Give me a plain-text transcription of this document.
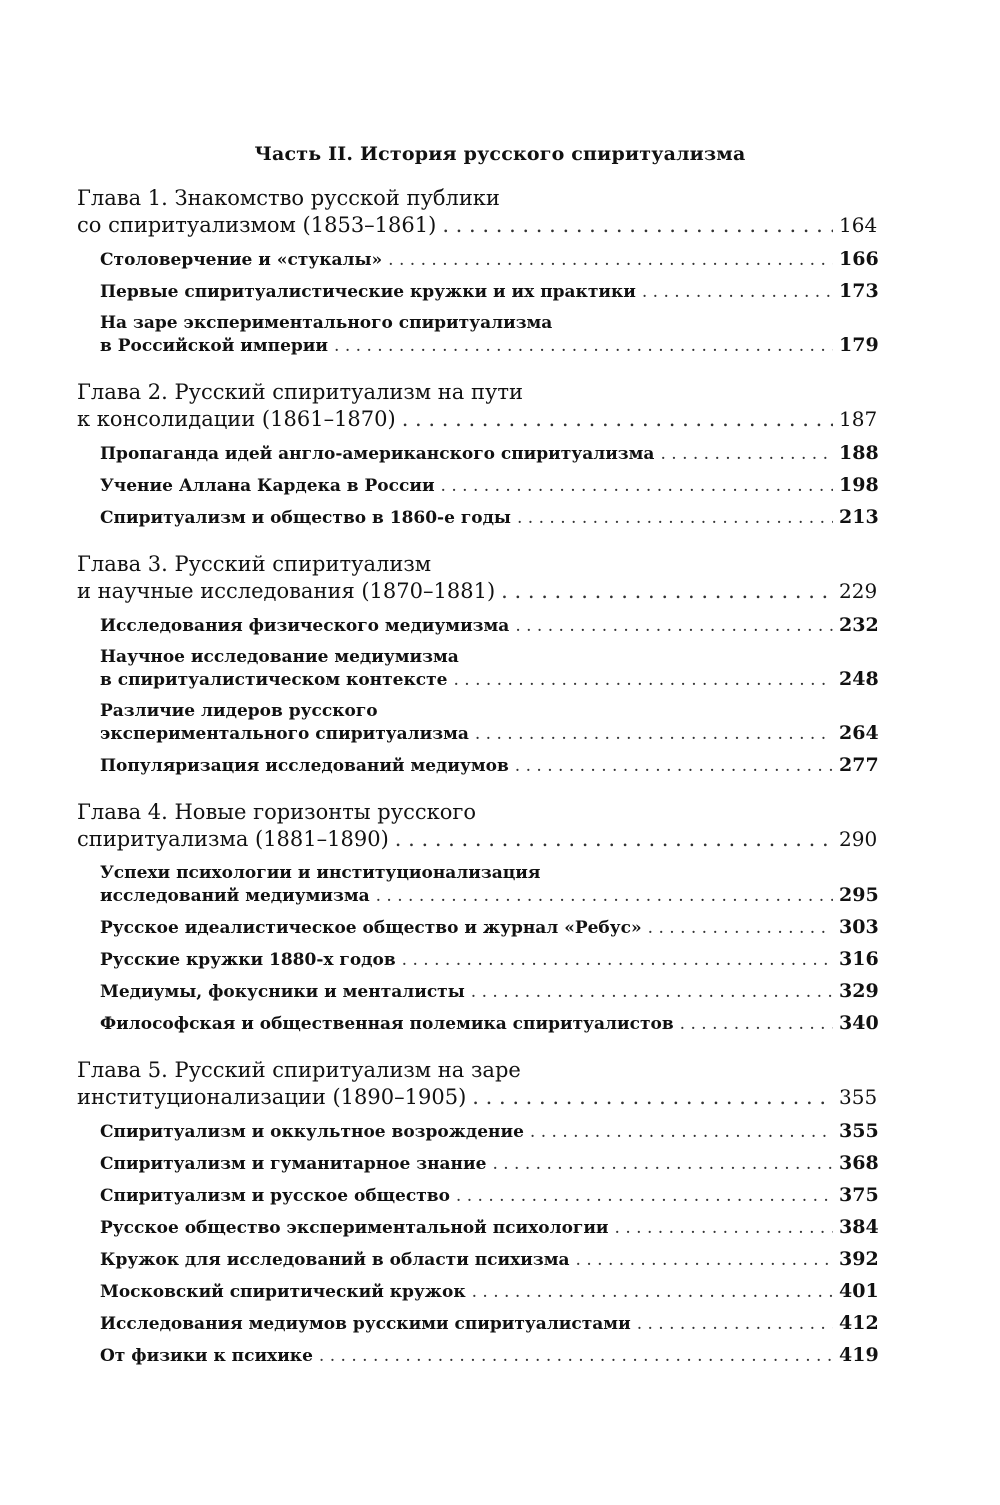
Часть II. История русского спиритуализма
Глава 1. Знакомство русской публики
со спиритуализмом (1853–1861) . . .	164
Столоверчение и «стукалы» . . .	166
Первые спиритуалистические кружки и их практики . . .	173
На заре экспериментального спиритуализма
в Российской империи . . .	179
Глава 2. Русский спиритуализм на пути
к консолидации (1861–1870) . . .	187
Пропаганда идей англо-американского спиритуализма . . .	188
Учение Аллана Кардека в России . . .	198
Спиритуализм и общество в 1860-е годы . . .	213
Глава 3. Русский спиритуализм
и научные исследования (1870–1881) . . .	229
Исследования физического медиумизма . . .	232
Научное исследование медиумизма
в спиритуалистическом контексте . . .	248
Различие лидеров русского
экспериментального спиритуализма . . .	264
Популяризация исследований медиумов . . .	277
Глава 4. Новые горизонты русского
спиритуализма (1881–1890) . . .	290
Успехи психологии и институционализация
исследований медиумизма . . .	295
Русское идеалистическое общество и журнал «Ребус» . . .	303
Русские кружки 1880-х годов . . .	316
Медиумы, фокусники и менталисты . . .	329
Философская и общественная полемика спиритуалистов . . .	340
Глава 5. Русский спиритуализм на заре
институционализации (1890–1905) . . .	355
Спиритуализм и оккультное возрождение . . .	355
Спиритуализм и гуманитарное знание . . .	368
Спиритуализм и русское общество . . .	375
Русское общество экспериментальной психологии . . .	384
Кружок для исследований в области психизма . . .	392
Московский спиритический кружок . . .	401
Исследования медиумов русскими спиритуалистами . . .	412
От физики к психике . . .	419
